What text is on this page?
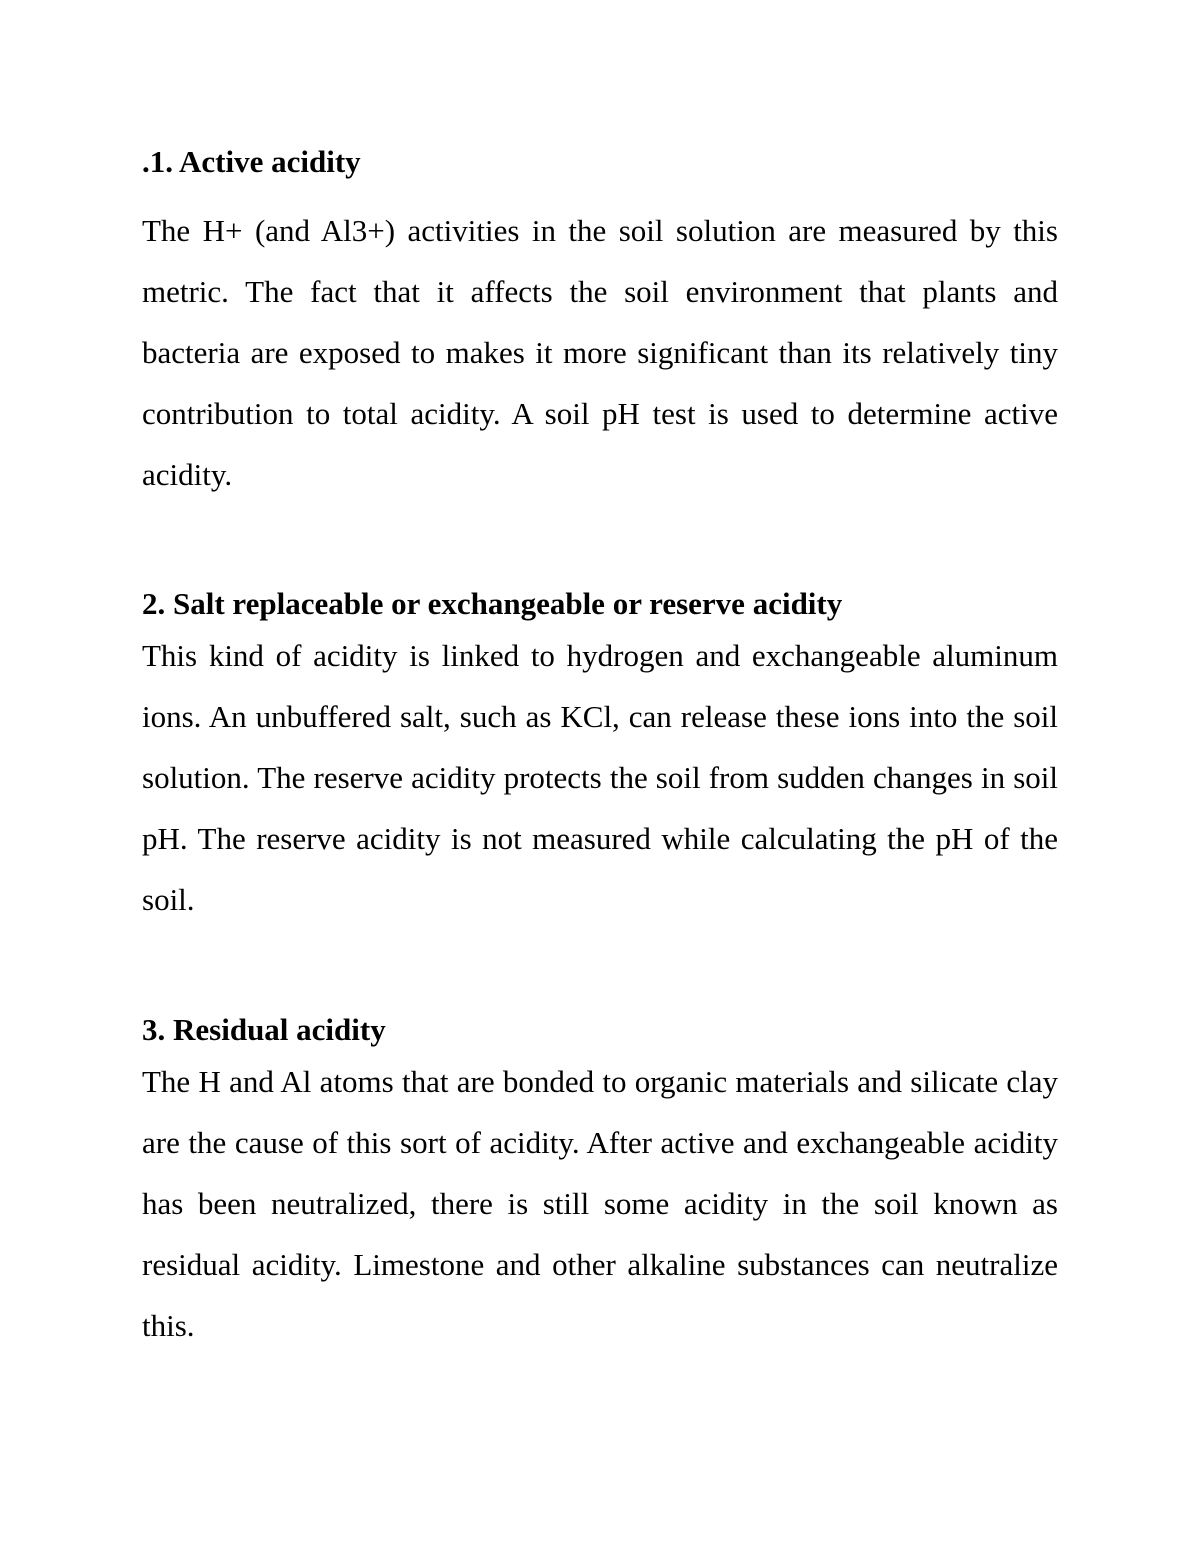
.1. Active acidity

The H+ (and Al3+) activities in the soil solution are measured by this metric. The fact that it affects the soil environment that plants and bacteria are exposed to makes it more significant than its relatively tiny contribution to total acidity. A soil pH test is used to determine active acidity.

2. Salt replaceable or exchangeable or reserve acidity

This kind of acidity is linked to hydrogen and exchangeable aluminum ions. An unbuffered salt, such as KCl, can release these ions into the soil solution. The reserve acidity protects the soil from sudden changes in soil pH. The reserve acidity is not measured while calculating the pH of the soil.

3. Residual acidity

The H and Al atoms that are bonded to organic materials and silicate clay are the cause of this sort of acidity. After active and exchangeable acidity has been neutralized, there is still some acidity in the soil known as residual acidity. Limestone and other alkaline substances can neutralize this.
